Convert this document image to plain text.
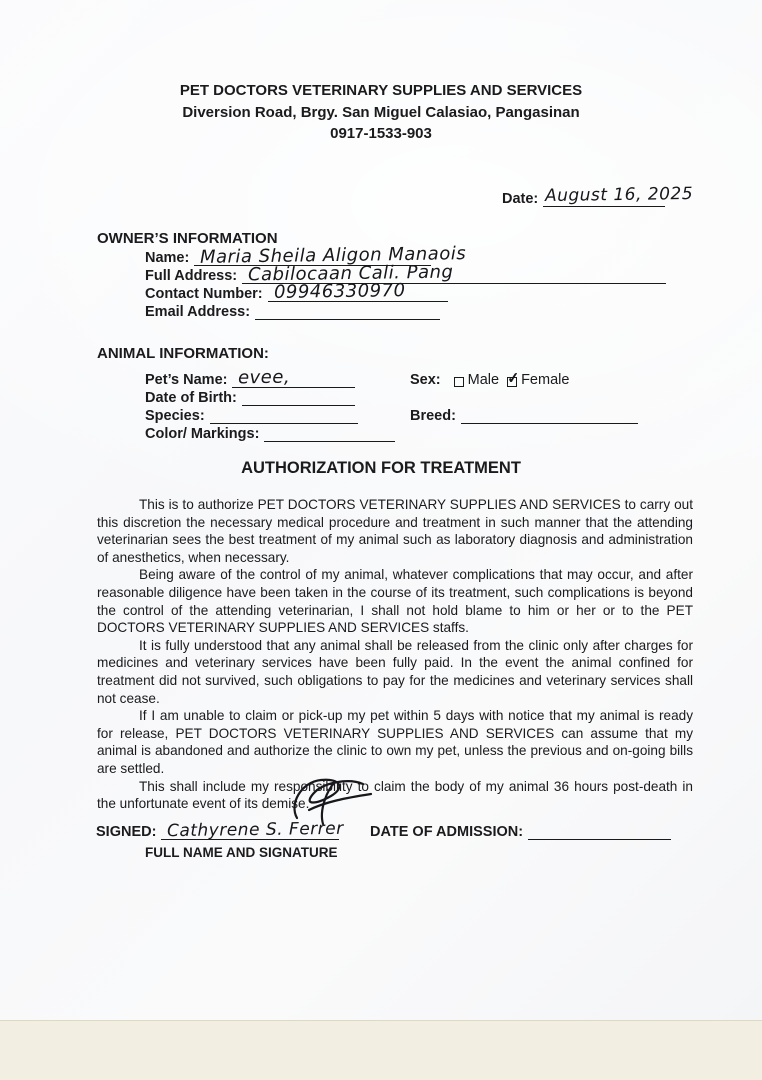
PET DOCTORS VETERINARY SUPPLIES AND SERVICES
Diversion Road, Brgy. San Miguel Calasiao, Pangasinan
0917-1533-903
Date: August 16, 2025
OWNER’S INFORMATION
Name: Maria Sheila Aligon Manaois
Full Address: Cabilocaan Cali. Pang
Contact Number: 09946330970
Email Address:
ANIMAL INFORMATION:
Pet’s Name: evee,	Sex: Male ✓ Female
Date of Birth:
Species:	Breed:
Color/ Markings:
AUTHORIZATION FOR TREATMENT

This is to authorize PET DOCTORS VETERINARY SUPPLIES AND SERVICES to carry out this discretion the necessary medical procedure and treatment in such manner that the attending veterinarian sees the best treatment of my animal such as laboratory diagnosis and administration of anesthetics, when necessary.

Being aware of the control of my animal, whatever complications that may occur, and after reasonable diligence have been taken in the course of its treatment, such complications is beyond the control of the attending veterinarian, I shall not hold blame to him or her or to the PET DOCTORS VETERINARY SUPPLIES AND SERVICES staffs.

It is fully understood that any animal shall be released from the clinic only after charges for medicines and veterinary services have been fully paid. In the event the animal confined for treatment did not survived, such obligations to pay for the medicines and veterinary services shall not cease.

If I am unable to claim or pick-up my pet within 5 days with notice that my animal is ready for release, PET DOCTORS VETERINARY SUPPLIES AND SERVICES can assume that my animal is abandoned and authorize the clinic to own my pet, unless the previous and on-going bills are settled.

This shall include my responsibility to claim the body of my animal 36 hours post-death in the unfortunate event of its demise.

SIGNED: Cathyrene S. Ferrer
FULL NAME AND SIGNATURE
DATE OF ADMISSION:
